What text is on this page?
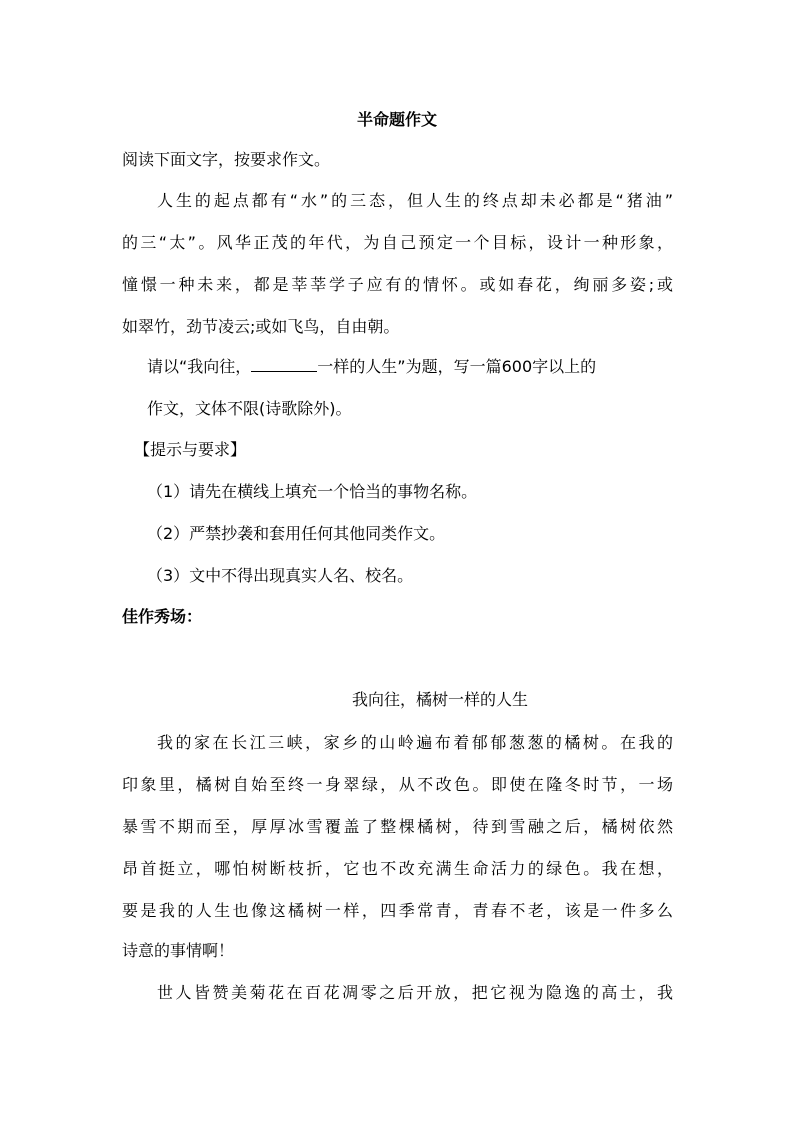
半命题作文
阅读下面文字，按要求作文。
人生的起点都有“水”的三态，但人生的终点却未必都是“猪油”
的三“太”。风华正茂的年代，为自己预定一个目标，设计一种形象，
憧憬一种未来，都是莘莘学子应有的情怀。或如春花，绚丽多姿;或
如翠竹，劲节凌云;或如飞鸟，自由朝。
请以“我向往，	一样的人生”为题，写一篇600字以上的
作文，文体不限(诗歌除外)。
【提示与要求】
（1）请先在横线上填充一个恰当的事物名称。
（2）严禁抄袭和套用任何其他同类作文。
（3）文中不得出现真实人名、校名。
佳作秀场：
我向往，橘树一样的人生
我的家在长江三峡，家乡的山岭遍布着郁郁葱葱的橘树。在我的
印象里，橘树自始至终一身翠绿，从不改色。即使在隆冬时节，一场
暴雪不期而至，厚厚冰雪覆盖了整棵橘树，待到雪融之后，橘树依然
昂首挺立，哪怕树断枝折，它也不改充满生命活力的绿色。我在想，
要是我的人生也像这橘树一样，四季常青，青春不老，该是一件多么
诗意的事情啊！
世人皆赞美菊花在百花凋零之后开放，把它视为隐逸的高士，我
